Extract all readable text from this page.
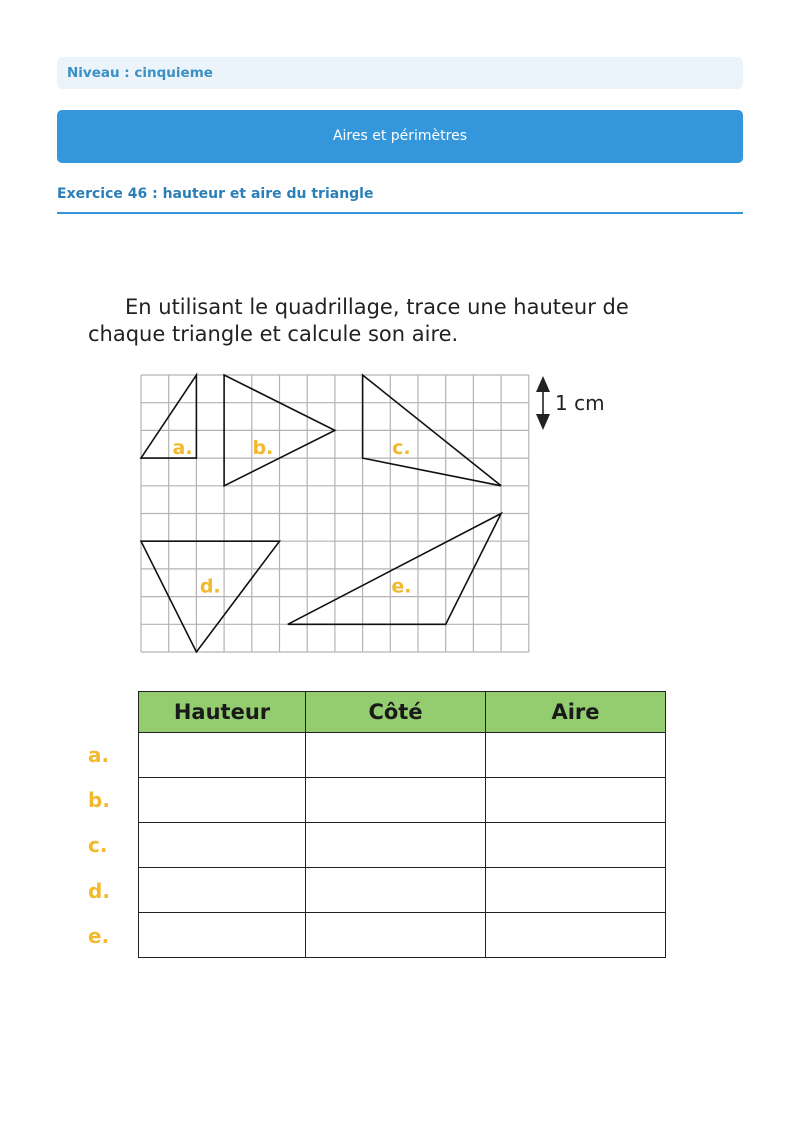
Niveau : cinquieme
Aires et périmètres
Exercice 46 : hauteur et aire du triangle

En utilisant le quadrillage, trace une hauteur de chaque triangle et calcule son aire.

a.	b.	c.
d.	e.
1 cm
Hauteur	Côté	Aire

a.
b.
c.
d.
e.
